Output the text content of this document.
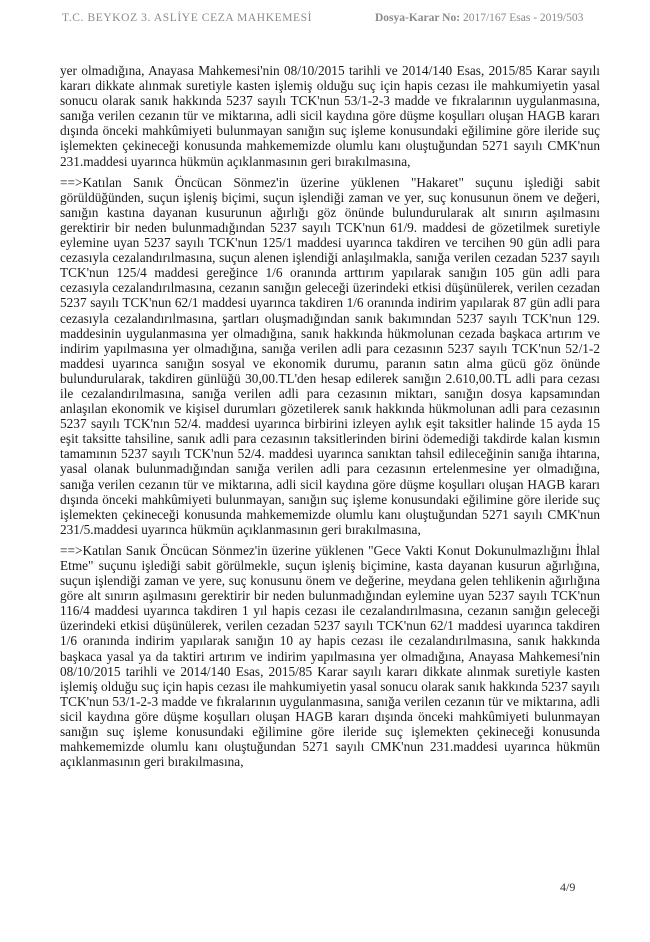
T.C. BEYKOZ 3. ASLİYE CEZA MAHKEMESİ	Dosya-Karar No: 2017/167 Esas - 2019/503

yer olmadığına, Anayasa Mahkemesi'nin 08/10/2015 tarihli ve 2014/140 Esas, 2015/85 Karar sayılı kararı dikkate alınmak suretiyle kasten işlemiş olduğu suç için hapis cezası ile mahkumiyetin yasal sonucu olarak sanık hakkında 5237 sayılı TCK'nun 53/1-2-3 madde ve fıkralarının uygulanmasına, sanığa verilen cezanın tür ve miktarına, adli sicil kaydına göre düşme koşulları oluşan HAGB kararı dışında önceki mahkûmiyeti bulunmayan sanığın suç işleme konusundaki eğilimine göre ileride suç işlemekten çekineceği konusunda mahkememizde olumlu kanı oluştuğundan 5271 sayılı CMK'nun 231.maddesi uyarınca hükmün açıklanmasının geri bırakılmasına,

==>Katılan Sanık Öncücan Sönmez'in üzerine yüklenen "Hakaret" suçunu işlediği sabit görüldüğünden, suçun işleniş biçimi, suçun işlendiği zaman ve yer, suç konusunun önem ve değeri, sanığın kastına dayanan kusurunun ağırlığı göz önünde bulundurularak alt sınırın aşılmasını gerektirir bir neden bulunmadığından 5237 sayılı TCK'nun 61/9. maddesi de gözetilmek suretiyle eylemine uyan 5237 sayılı TCK'nun 125/1 maddesi uyarınca takdiren ve tercihen 90 gün adli para cezasıyla cezalandırılmasına, suçun alenen işlendiği anlaşılmakla, sanığa verilen cezadan 5237 sayılı TCK'nun 125/4 maddesi gereğince 1/6 oranında arttırım yapılarak sanığın 105 gün adli para cezasıyla cezalandırılmasına, cezanın sanığın geleceği üzerindeki etkisi düşünülerek, verilen cezadan 5237 sayılı TCK'nun 62/1 maddesi uyarınca takdiren 1/6 oranında indirim yapılarak 87 gün adli para cezasıyla cezalandırılmasına, şartları oluşmadığından sanık bakımından 5237 sayılı TCK'nun 129. maddesinin uygulanmasına yer olmadığına, sanık hakkında hükmolunan cezada başkaca artırım ve indirim yapılmasına yer olmadığına, sanığa verilen adli para cezasının 5237 sayılı TCK'nun 52/1-2 maddesi uyarınca sanığın sosyal ve ekonomik durumu, paranın satın alma gücü göz önünde bulundurularak, takdiren günlüğü 30,00.TL'den hesap edilerek sanığın 2.610,00.TL adli para cezası ile cezalandırılmasına, sanığa verilen adli para cezasının miktarı, sanığın dosya kapsamından anlaşılan ekonomik ve kişisel durumları gözetilerek sanık hakkında hükmolunan adli para cezasının 5237 sayılı TCK'nın 52/4. maddesi uyarınca birbirini izleyen aylık eşit taksitler halinde 15 ayda 15 eşit taksitte tahsiline, sanık adli para cezasının taksitlerinden birini ödemediği takdirde kalan kısmın tamamının 5237 sayılı TCK'nun 52/4. maddesi uyarınca sanıktan tahsil edileceğinin sanığa ihtarına, yasal olanak bulunmadığından sanığa verilen adli para cezasının ertelenmesine yer olmadığına, sanığa verilen cezanın tür ve miktarına, adli sicil kaydına göre düşme koşulları oluşan HAGB kararı dışında önceki mahkûmiyeti bulunmayan, sanığın suç işleme konusundaki eğilimine göre ileride suç işlemekten çekineceği konusunda mahkememizde olumlu kanı oluştuğundan 5271 sayılı CMK'nun 231/5.maddesi uyarınca hükmün açıklanmasının geri bırakılmasına,

==>Katılan Sanık Öncücan Sönmez'in üzerine yüklenen "Gece Vakti Konut Dokunulmazlığını İhlal Etme" suçunu işlediği sabit görülmekle, suçun işleniş biçimine, kasta dayanan kusurun ağırlığına, suçun işlendiği zaman ve yere, suç konusunu önem ve değerine, meydana gelen tehlikenin ağırlığına göre alt sınırın aşılmasını gerektirir bir neden bulunmadığından eylemine uyan 5237 sayılı TCK'nun 116/4 maddesi uyarınca takdiren 1 yıl hapis cezası ile cezalandırılmasına, cezanın sanığın geleceği üzerindeki etkisi düşünülerek, verilen cezadan 5237 sayılı TCK'nun 62/1 maddesi uyarınca takdiren 1/6 oranında indirim yapılarak sanığın 10 ay hapis cezası ile cezalandırılmasına, sanık hakkında başkaca yasal ya da taktiri artırım ve indirim yapılmasına yer olmadığına, Anayasa Mahkemesi'nin 08/10/2015 tarihli ve 2014/140 Esas, 2015/85 Karar sayılı kararı dikkate alınmak suretiyle kasten işlemiş olduğu suç için hapis cezası ile mahkumiyetin yasal sonucu olarak sanık hakkında 5237 sayılı TCK'nun 53/1-2-3 madde ve fıkralarının uygulanmasına, sanığa verilen cezanın tür ve miktarına, adli sicil kaydına göre düşme koşulları oluşan HAGB kararı dışında önceki mahkûmiyeti bulunmayan sanığın suç işleme konusundaki eğilimine göre ileride suç işlemekten çekineceği konusunda mahkememizde olumlu kanı oluştuğundan 5271 sayılı CMK'nun 231.maddesi uyarınca hükmün açıklanmasının geri bırakılmasına,

4/9
